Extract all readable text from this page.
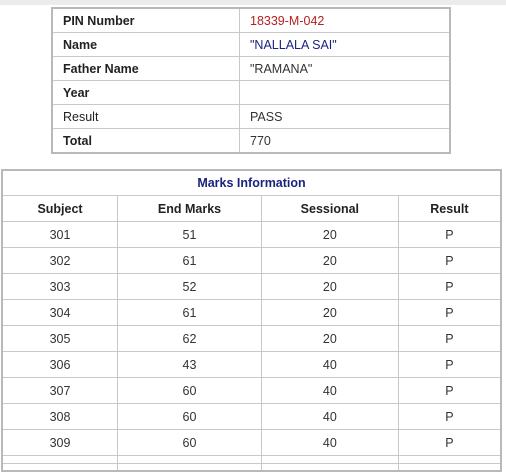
PIN Number	18339-M-042
Name	"NALLALA SAI"
Father Name	"RAMANA"
Year	
Result	PASS
Total	770
Marks Information			
Subject	End Marks	Sessional	Result
301	51	20	P
302	61	20	P
303	52	20	P
304	61	20	P
305	62	20	P
306	43	40	P
307	60	40	P
308	60	40	P
309	60	40	P
